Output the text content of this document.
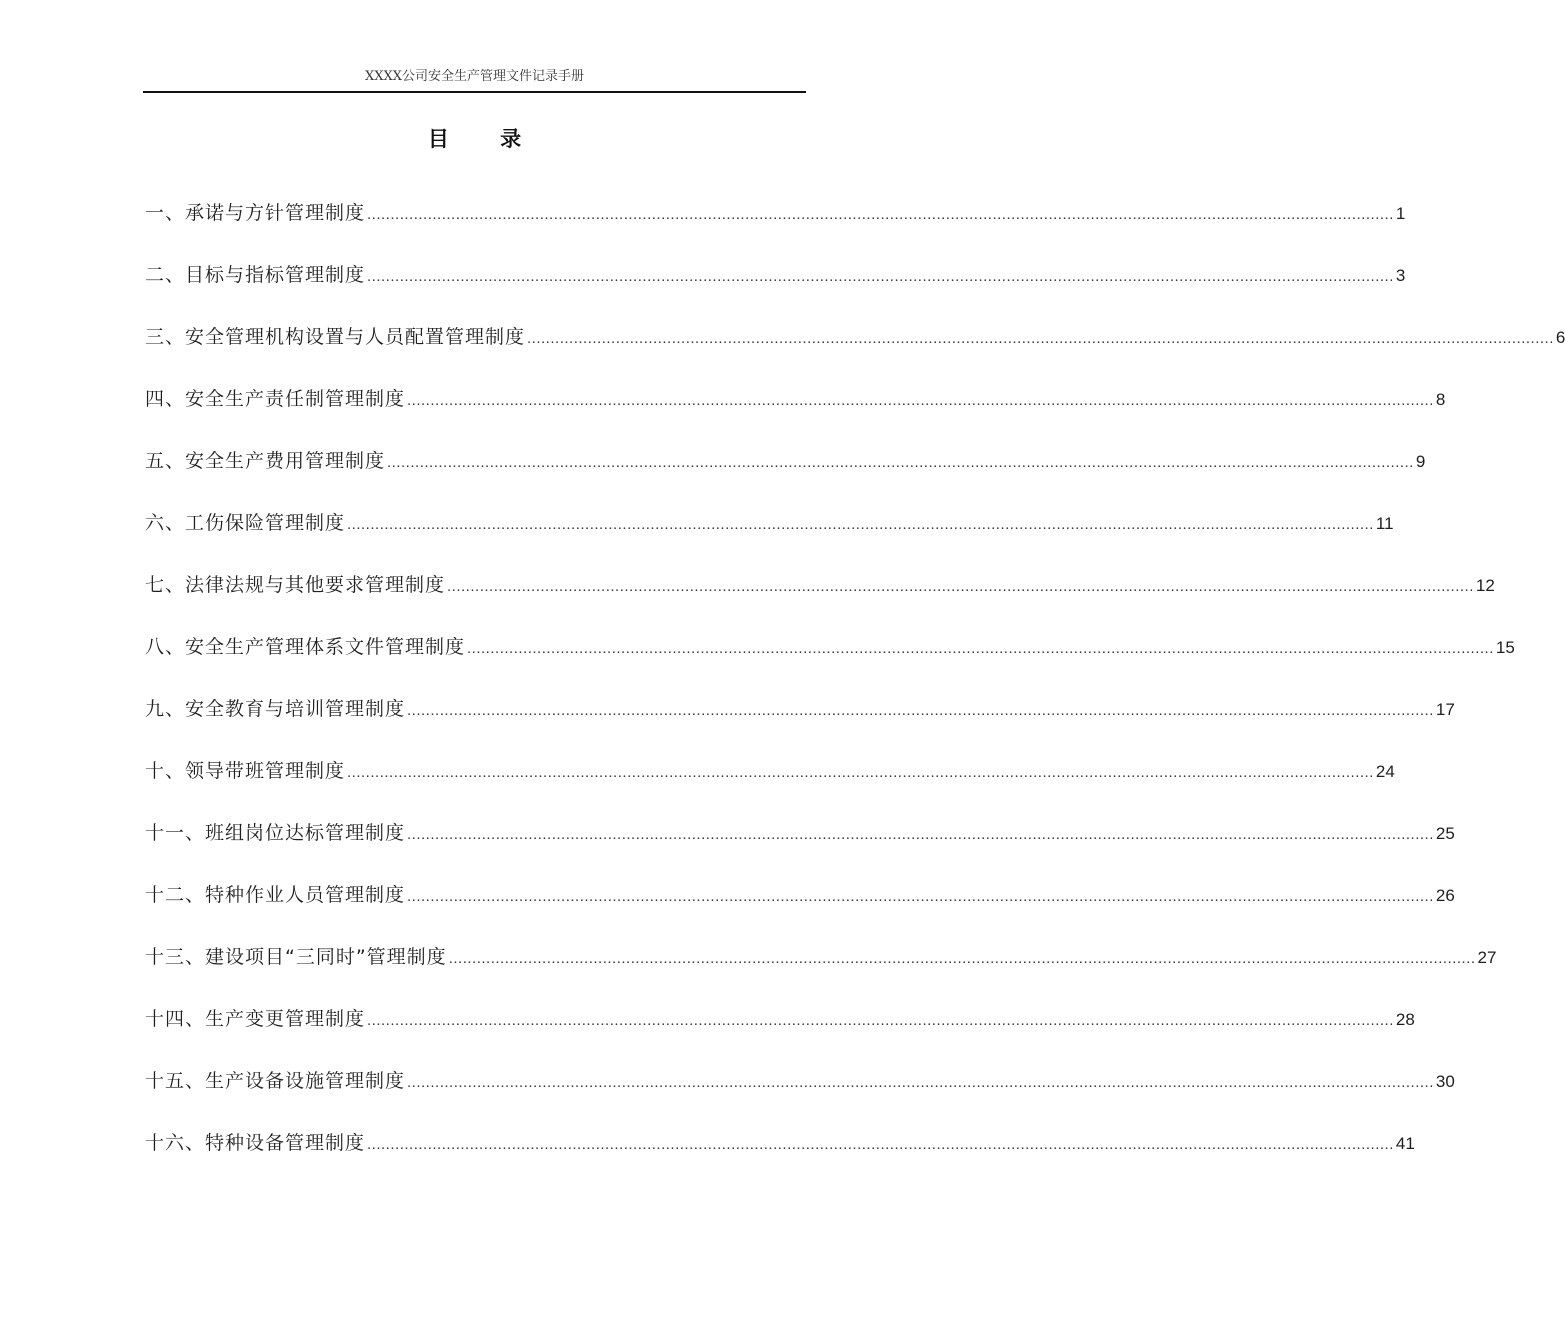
XXXX公司安全生产管理文件记录手册
目 录
一、承诺与方针管理制度 ............................................................................................................................................................................................................................ 1
二、目标与指标管理制度 ............................................................................................................................................................................................................................ 3
三、安全管理机构设置与人员配置管理制度 ............................................................................................................................................................................................................................ 6
四、安全生产责任制管理制度 ............................................................................................................................................................................................................................ 8
五、安全生产费用管理制度 ............................................................................................................................................................................................................................ 9
六、工伤保险管理制度 ............................................................................................................................................................................................................................ 11
七、法律法规与其他要求管理制度 ............................................................................................................................................................................................................................ 12
八、安全生产管理体系文件管理制度 ............................................................................................................................................................................................................................ 15
九、安全教育与培训管理制度 ............................................................................................................................................................................................................................ 17
十、领导带班管理制度 ............................................................................................................................................................................................................................ 24
十一、班组岗位达标管理制度 ............................................................................................................................................................................................................................ 25
十二、特种作业人员管理制度 ............................................................................................................................................................................................................................ 26
十三、建设项目“三同时”管理制度 ............................................................................................................................................................................................................................ 27
十四、生产变更管理制度 ............................................................................................................................................................................................................................ 28
十五、生产设备设施管理制度 ............................................................................................................................................................................................................................ 30
十六、特种设备管理制度 ............................................................................................................................................................................................................................ 41
